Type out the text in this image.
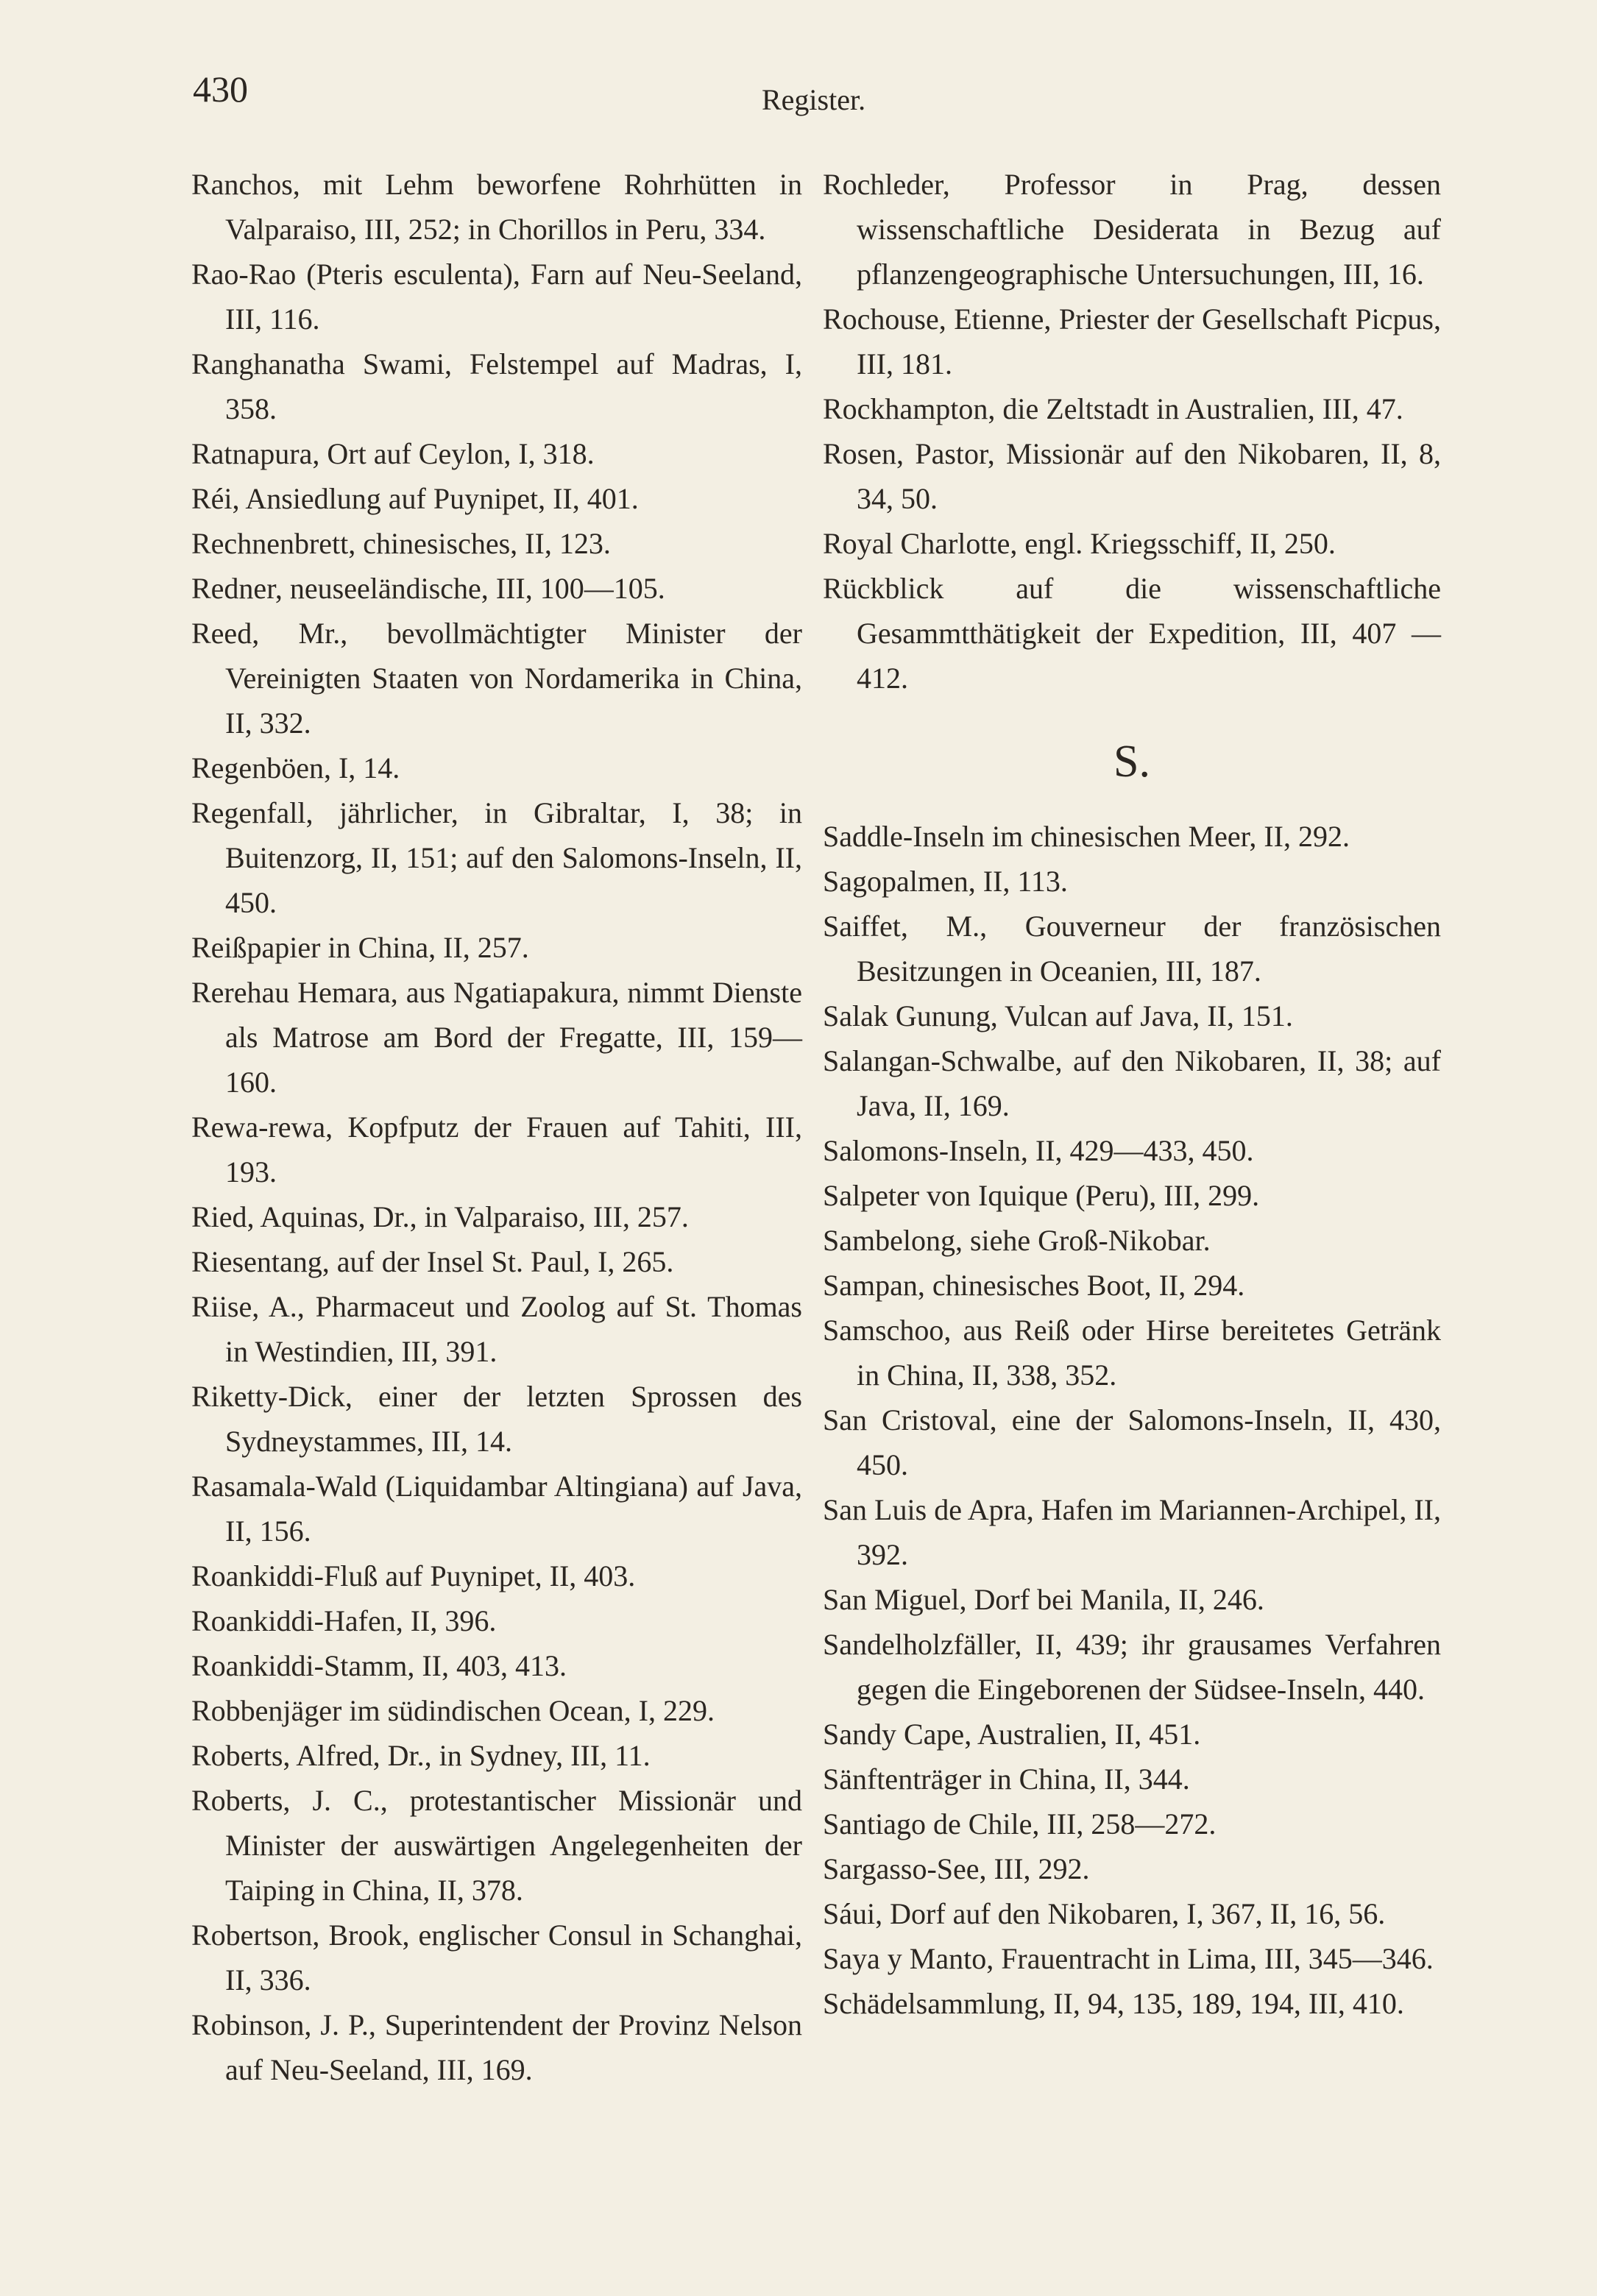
430	Register.

Ranchos, mit Lehm beworfene Rohrhütten in Valparaiso, III, 252; in Chorillos in Peru, 334.

Rao-Rao (Pteris esculenta), Farn auf Neu-Seeland, III, 116.

Ranghanatha Swami, Felstempel auf Madras, I, 358.

Ratnapura, Ort auf Ceylon, I, 318.

Réi, Ansiedlung auf Puynipet, II, 401.

Rechnenbrett, chinesisches, II, 123.

Redner, neuseeländische, III, 100—105.

Reed, Mr., bevollmächtigter Minister der Vereinigten Staaten von Nordamerika in China, II, 332.

Regenböen, I, 14.

Regenfall, jährlicher, in Gibraltar, I, 38; in Buitenzorg, II, 151; auf den Salomons-Inseln, II, 450.

Reißpapier in China, II, 257.

Rerehau Hemara, aus Ngatiapakura, nimmt Dienste als Matrose am Bord der Fregatte, III, 159—160.

Rewa-rewa, Kopfputz der Frauen auf Tahiti, III, 193.

Ried, Aquinas, Dr., in Valparaiso, III, 257.

Riesentang, auf der Insel St. Paul, I, 265.

Riise, A., Pharmaceut und Zoolog auf St. Thomas in Westindien, III, 391.

Riketty-Dick, einer der letzten Sprossen des Sydneystammes, III, 14.

Rasamala-Wald (Liquidambar Altingiana) auf Java, II, 156.

Roankiddi-Fluß auf Puynipet, II, 403.

Roankiddi-Hafen, II, 396.

Roankiddi-Stamm, II, 403, 413.

Robbenjäger im südindischen Ocean, I, 229.

Roberts, Alfred, Dr., in Sydney, III, 11.

Roberts, J. C., protestantischer Missionär und Minister der auswärtigen Angelegenheiten der Taiping in China, II, 378.

Robertson, Brook, englischer Consul in Schanghai, II, 336.

Robinson, J. P., Superintendent der Provinz Nelson auf Neu-Seeland, III, 169.

Rochleder, Professor in Prag, dessen wissenschaftliche Desiderata in Bezug auf pflanzengeographische Untersuchungen, III, 16.

Rochouse, Etienne, Priester der Gesellschaft Picpus, III, 181.

Rockhampton, die Zeltstadt in Australien, III, 47.

Rosen, Pastor, Missionär auf den Nikobaren, II, 8, 34, 50.

Royal Charlotte, engl. Kriegsschiff, II, 250.

Rückblick auf die wissenschaftliche Gesammtthätigkeit der Expedition, III, 407 — 412.

S.

Saddle-Inseln im chinesischen Meer, II, 292.

Sagopalmen, II, 113.

Saiffet, M., Gouverneur der französischen Besitzungen in Oceanien, III, 187.

Salak Gunung, Vulcan auf Java, II, 151.

Salangan-Schwalbe, auf den Nikobaren, II, 38; auf Java, II, 169.

Salomons-Inseln, II, 429—433, 450.

Salpeter von Iquique (Peru), III, 299.

Sambelong, siehe Groß-Nikobar.

Sampan, chinesisches Boot, II, 294.

Samschoo, aus Reiß oder Hirse bereitetes Getränk in China, II, 338, 352.

San Cristoval, eine der Salomons-Inseln, II, 430, 450.

San Luis de Apra, Hafen im Mariannen-Archipel, II, 392.

San Miguel, Dorf bei Manila, II, 246.

Sandelholzfäller, II, 439; ihr grausames Verfahren gegen die Eingeborenen der Südsee-Inseln, 440.

Sandy Cape, Australien, II, 451.

Sänftenträger in China, II, 344.

Santiago de Chile, III, 258—272.

Sargasso-See, III, 292.

Sáui, Dorf auf den Nikobaren, I, 367, II, 16, 56.

Saya y Manto, Frauentracht in Lima, III, 345—346.

Schädelsammlung, II, 94, 135, 189, 194, III, 410.
